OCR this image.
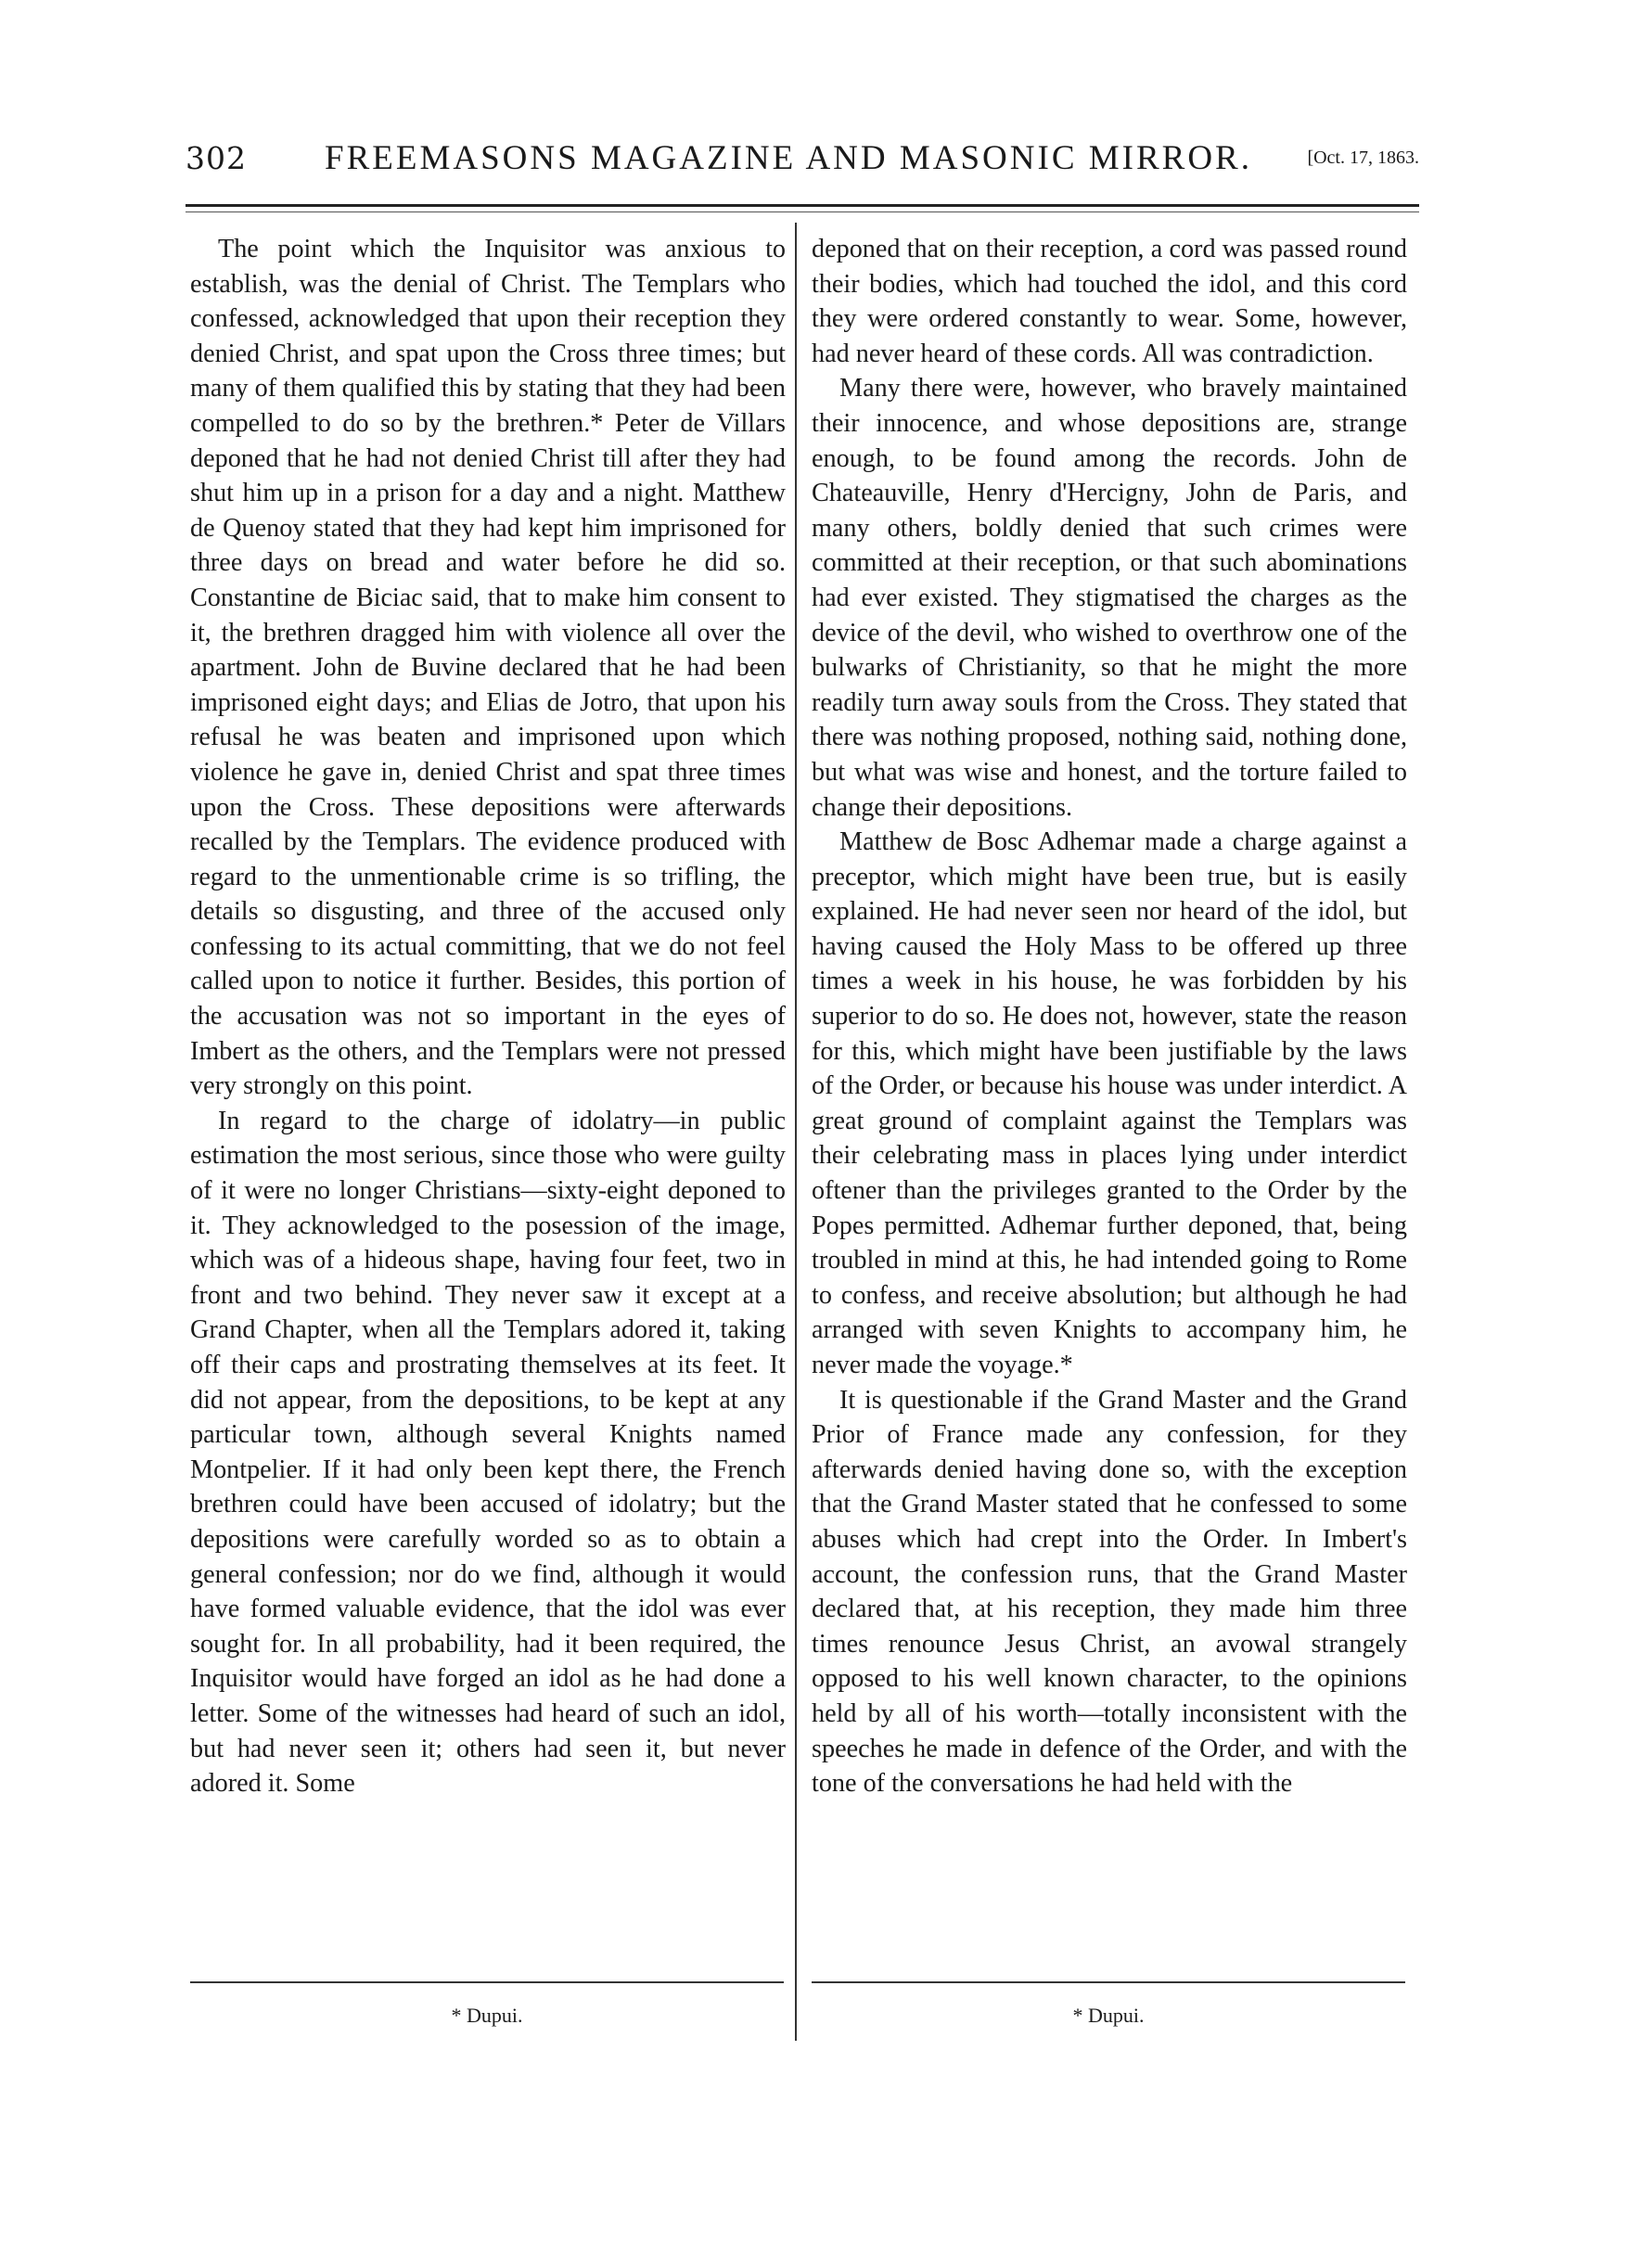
302	FREEMASONS MAGAZINE AND MASONIC MIRROR.	[Oct. 17, 1863.

The point which the Inquisitor was anxious to establish, was the denial of Christ. The Templars who confessed, acknowledged that upon their reception they denied Christ, and spat upon the Cross three times; but many of them qualified this by stating that they had been compelled to do so by the brethren.* Peter de Villars deponed that he had not denied Christ till after they had shut him up in a prison for a day and a night. Matthew de Quenoy stated that they had kept him imprisoned for three days on bread and water before he did so. Constantine de Biciac said, that to make him consent to it, the brethren dragged him with violence all over the apartment. John de Buvine declared that he had been imprisoned eight days; and Elias de Jotro, that upon his refusal he was beaten and imprisoned upon which violence he gave in, denied Christ and spat three times upon the Cross. These depositions were afterwards recalled by the Templars. The evidence produced with regard to the unmentionable crime is so trifling, the details so disgusting, and three of the accused only confessing to its actual committing, that we do not feel called upon to notice it further. Besides, this portion of the accusation was not so important in the eyes of Imbert as the others, and the Templars were not pressed very strongly on this point.

In regard to the charge of idolatry—in public estimation the most serious, since those who were guilty of it were no longer Christians—sixty-eight deponed to it. They acknowledged to the posession of the image, which was of a hideous shape, having four feet, two in front and two behind. They never saw it except at a Grand Chapter, when all the Templars adored it, taking off their caps and prostrating themselves at its feet. It did not appear, from the depositions, to be kept at any particular town, although several Knights named Montpelier. If it had only been kept there, the French brethren could have been accused of idolatry; but the depositions were carefully worded so as to obtain a general confession; nor do we find, although it would have formed valuable evidence, that the idol was ever sought for. In all probability, had it been required, the Inquisitor would have forged an idol as he had done a letter. Some of the witnesses had heard of such an idol, but had never seen it; others had seen it, but never adored it. Some

deponed that on their reception, a cord was passed round their bodies, which had touched the idol, and this cord they were ordered constantly to wear. Some, however, had never heard of these cords. All was contradiction.

Many there were, however, who bravely maintained their innocence, and whose depositions are, strange enough, to be found among the records. John de Chateauville, Henry d'Hercigny, John de Paris, and many others, boldly denied that such crimes were committed at their reception, or that such abominations had ever existed. They stigmatised the charges as the device of the devil, who wished to overthrow one of the bulwarks of Christianity, so that he might the more readily turn away souls from the Cross. They stated that there was nothing proposed, nothing said, nothing done, but what was wise and honest, and the torture failed to change their depositions.

Matthew de Bosc Adhemar made a charge against a preceptor, which might have been true, but is easily explained. He had never seen nor heard of the idol, but having caused the Holy Mass to be offered up three times a week in his house, he was forbidden by his superior to do so. He does not, however, state the reason for this, which might have been justifiable by the laws of the Order, or because his house was under interdict. A great ground of complaint against the Templars was their celebrating mass in places lying under interdict oftener than the privileges granted to the Order by the Popes permitted. Adhemar further deponed, that, being troubled in mind at this, he had intended going to Rome to confess, and receive absolution; but although he had arranged with seven Knights to accompany him, he never made the voyage.*

It is questionable if the Grand Master and the Grand Prior of France made any confession, for they afterwards denied having done so, with the exception that the Grand Master stated that he confessed to some abuses which had crept into the Order. In Imbert's account, the confession runs, that the Grand Master declared that, at his reception, they made him three times renounce Jesus Christ, an avowal strangely opposed to his well known character, to the opinions held by all of his worth—totally inconsistent with the speeches he made in defence of the Order, and with the tone of the conversations he had held with the

* Dupui.	* Dupui.
